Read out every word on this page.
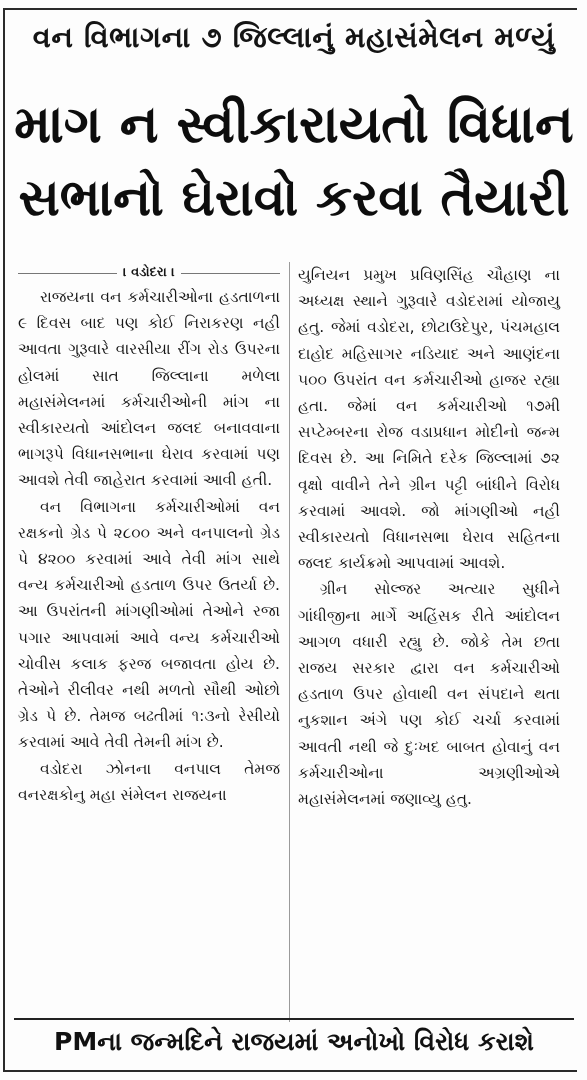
વન વિભાગના ૭ જિલ્લાનું મહાસંમેલન મળ્યું
માગ ન સ્વીકારાયતો વિધાન
સભાનો ઘેરાવો કરવા તૈયારી
। વડોદરા ।

રાજયના વન કર્મચારીઓના હડતાળના ૯ દિવસ બાદ પણ કોઈ નિરાકરણ નહી આવતા ગુરૂવારે વારસીયા રીંગ રોડ ઉપરના હોલમાં સાત જિલ્લાના મળેલા મહાસંમેલનમાં કર્મચારીઓની માંગ ના સ્વીકારયતો આંદોલન જલદ બનાવવાના ભાગરૂપે વિધાનસભાના ઘેરાવ કરવામાં પણ આવશે તેવી જાહેરાત કરવામાં આવી હતી.

વન વિભાગના કર્મચારીઓમાં વન રક્ષકનો ગ્રેડ પે ૨૮૦૦ અને વનપાલનો ગ્રેડ પે ૪૨૦૦ કરવામાં આવે તેવી માંગ સાથે વન્ય કર્મચારીઓ હડતાળ ઉપર ઉતર્યા છે. આ ઉપરાંતની માંગણીઓમાં તેઓને રજા પગાર આપવામાં આવે વન્ય કર્મચારીઓ ચોવીસ કલાક ફરજ બજાવતા હોય છે. તેઓને રીલીવર નથી મળતો સૌથી ઓછો ગ્રેડ પે છે. તેમજ બઢતીમાં ૧:૩નો રેસીયો કરવામાં આવે તેવી તેમની માંગ છે.

વડોદરા ઝોનના વનપાલ તેમજ વનરક્ષકોનુ મહા સંમેલન રાજયના

યુનિયન પ્રમુખ પ્રવિણસિંહ ચૌહાણ ના અધ્યક્ષ સ્થાને ગુરૂવારે વડોદરામાં યોજાયુ હતુ. જેમાં વડોદરા, છોટાઉદેપુર, પંચમહાલ દાહોદ મહિસાગર નડિયાદ અને આણંદના ૫૦૦ ઉપરાંત વન કર્મચારીઓ હાજર રહ્યા હતા. જેમાં વન કર્મચારીઓ ૧૭મી સપ્ટેમ્બરના રોજ વડાપ્રધાન મોદીનો જન્મ દિવસ છે. આ નિમિતે દરેક જિલ્લામાં ૭૨ વૃક્ષો વાવીને તેને ગ્રીન પટ્ટી બાંધીને વિરોધ કરવામાં આવશે. જો માંગણીઓ નહી સ્વીકારયતો વિધાનસભા ઘેરાવ સહિતના જલદ કાર્યક્રમો આપવામાં આવશે.

ગ્રીન સોલ્જર અત્યાર સુધીને ગાંધીજીના માર્ગે અહિંસક રીતે આંદોલન આગળ વધારી રહ્યુ છે. જોકે તેમ છતા રાજય સરકાર દ્વારા વન કર્મચારીઓ હડતાળ ઉપર હોવાથી વન સંપદાને થતા નુકશાન અંગે પણ કોઈ ચર્ચા કરવામાં આવતી નથી જે દુઃખદ બાબત હોવાનું વન કર્મચારીઓના અગ્રણીઓએ મહાસંમેલનમાં જણાવ્યુ હતુ.

PMના જન્મદિને રાજયમાં અનોખો વિરોધ કરાશે
